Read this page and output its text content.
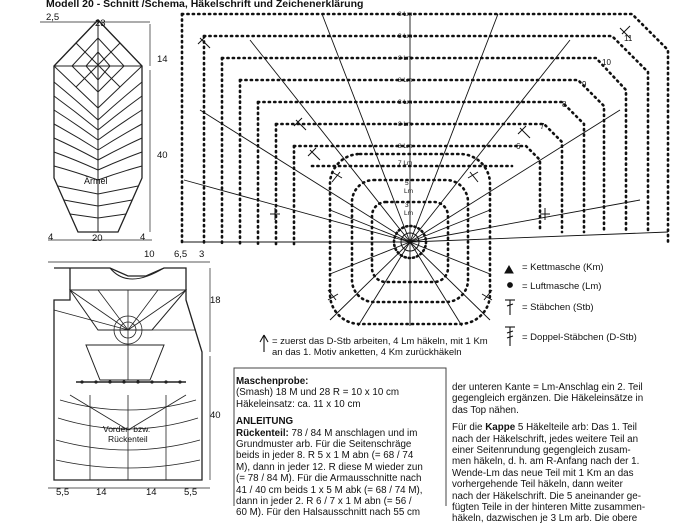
Modell 20 - Schnitt /Schema, Häkelschrift und Zeichenerklärung
2,5
23
14
40
Ärmel
4	20	4
10 6,5 3
18
40
Vorder- bzw.
Rückenteil
5,5	14	14	5,5
8 Lm
8 Lm
8 Lm
8 Lm
8 Lm
8 Lm
8 Lm
7 Lm
5
Lm
3
Lm
11
10
9
8
7
6
= Kettmasche (Km)
= Luftmasche (Lm)
= Stäbchen (Stb)
= Doppel-Stäbchen (D-Stb)
= zuerst das D-Stb arbeiten, 4 Lm häkeln, mit 1 Km
an das 1. Motiv anketten, 4 Km zurückhäkeln

Maschenprobe:

(Smash) 18 M und 28 R = 10 x 10 cm

Häkeleinsatz: ca. 11 x 10 cm

ANLEITUNG

Rückenteil: 78 / 84 M anschlagen und im

Grundmuster arb. Für die Seitenschräge

beids in jeder 8. R 5 x 1 M abn (= 68 / 74

M), dann in jeder 12. R diese M wieder zun

(= 78 / 84 M). Für die Armausschnitte nach

41 / 40 cm beids 1 x 5 M abk (= 68 / 74 M),

dann in jeder 2. R 6 / 7 x 1 M abn (= 56 /

60 M). Für den Halsausschnitt nach 55 cm

der unteren Kante = Lm-Anschlag ein 2. Teil

gegengleich ergänzen. Die Häkeleinsätze in

das Top nähen.

Für die Kappe 5 Häkelteile arb: Das 1. Teil

nach der Häkelschrift, jedes weitere Teil an

einer Seitenrundung gegengleich zusam-

men häkeln, d. h. am R-Anfang nach der 1.

Wende-Lm das neue Teil mit 1 Km an das

vorhergehende Teil häkeln, dann weiter

nach der Häkelschrift. Die 5 aneinander ge-

fügten Teile in der hinteren Mitte zusammen-

häkeln, dazwischen je 3 Lm arb. Die obere
